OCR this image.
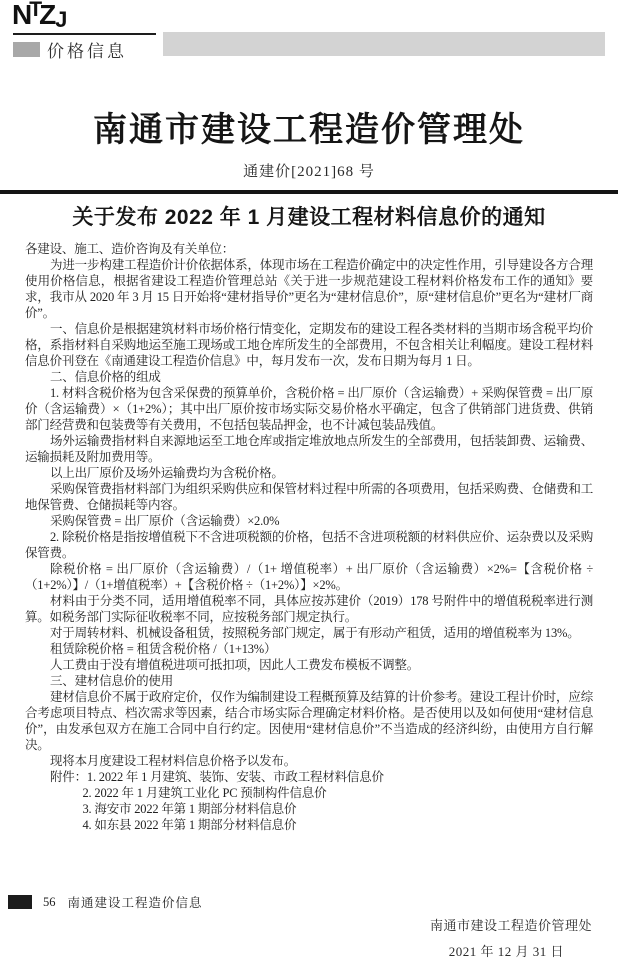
NTZJ
价格信息
南通市建设工程造价管理处
通建价[2021]68 号
关于发布 2022 年 1 月建设工程材料信息价的通知

各建设、施工、造价咨询及有关单位：

为进一步构建工程造价计价依据体系，体现市场在工程造价确定中的决定性作用，引导建设各方合理使用价格信息，根据省建设工程造价管理总站《关于进一步规范建设工程材料价格发布工作的通知》要求，我市从 2020 年 3 月 15 日开始将“建材指导价”更名为“建材信息价”，原“建材信息价”更名为“建材厂商价”。

一、信息价是根据建筑材料市场价格行情变化，定期发布的建设工程各类材料的当期市场含税平均价格，系指材料自采购地运至施工现场或工地仓库所发生的全部费用，不包含相关让利幅度。建设工程材料信息价刊登在《南通建设工程造价信息》中，每月发布一次，发布日期为每月 1 日。

二、信息价格的组成

1. 材料含税价格为包含采保费的预算单价，含税价格 = 出厂原价（含运输费）+ 采购保管费 = 出厂原价（含运输费）×（1+2%）；其中出厂原价按市场实际交易价格水平确定，包含了供销部门进货费、供销部门经营费和包装费等有关费用，不包括包装品押金，也不计减包装品残值。

场外运输费指材料自来源地运至工地仓库或指定堆放地点所发生的全部费用，包括装卸费、运输费、运输损耗及附加费用等。

以上出厂原价及场外运输费均为含税价格。

采购保管费指材料部门为组织采购供应和保管材料过程中所需的各项费用，包括采购费、仓储费和工地保管费、仓储损耗等内容。

采购保管费 = 出厂原价（含运输费）×2.0%

2. 除税价格是指按增值税下不含进项税额的价格，包括不含进项税额的材料供应价、运杂费以及采购保管费。

除税价格 = 出厂原价（含运输费）/（1+ 增值税率）+ 出厂原价（含运输费）×2%=【含税价格 ÷（1+2%）】/（1+增值税率）+【含税价格 ÷（1+2%）】×2%。

材料由于分类不同，适用增值税率不同，具体应按苏建价（2019）178 号附件中的增值税税率进行测算。如税务部门实际征收税率不同，应按税务部门规定执行。

对于周转材料、机械设备租赁，按照税务部门规定，属于有形动产租赁，适用的增值税率为 13%。

租赁除税价格 = 租赁含税价格 /（1+13%）

人工费由于没有增值税进项可抵扣项，因此人工费发布模板不调整。

三、建材信息价的使用

建材信息价不属于政府定价，仅作为编制建设工程概预算及结算的计价参考。建设工程计价时，应综合考虑项目特点、档次需求等因素，结合市场实际合理确定材料价格。是否使用以及如何使用“建材信息价”，由发承包双方在施工合同中自行约定。因使用“建材信息价”不当造成的经济纠纷，由使用方自行解决。

现将本月度建设工程材料信息价格予以发布。

附件：1. 2022 年 1 月建筑、装饰、安装、市政工程材料信息价

2. 2022 年 1 月建筑工业化 PC 预制构件信息价

3. 海安市 2022 年第 1 期部分材料信息价

4. 如东县 2022 年第 1 期部分材料信息价

南通市建设工程造价管理处
2021 年 12 月 31 日
56 南通建设工程造价信息
